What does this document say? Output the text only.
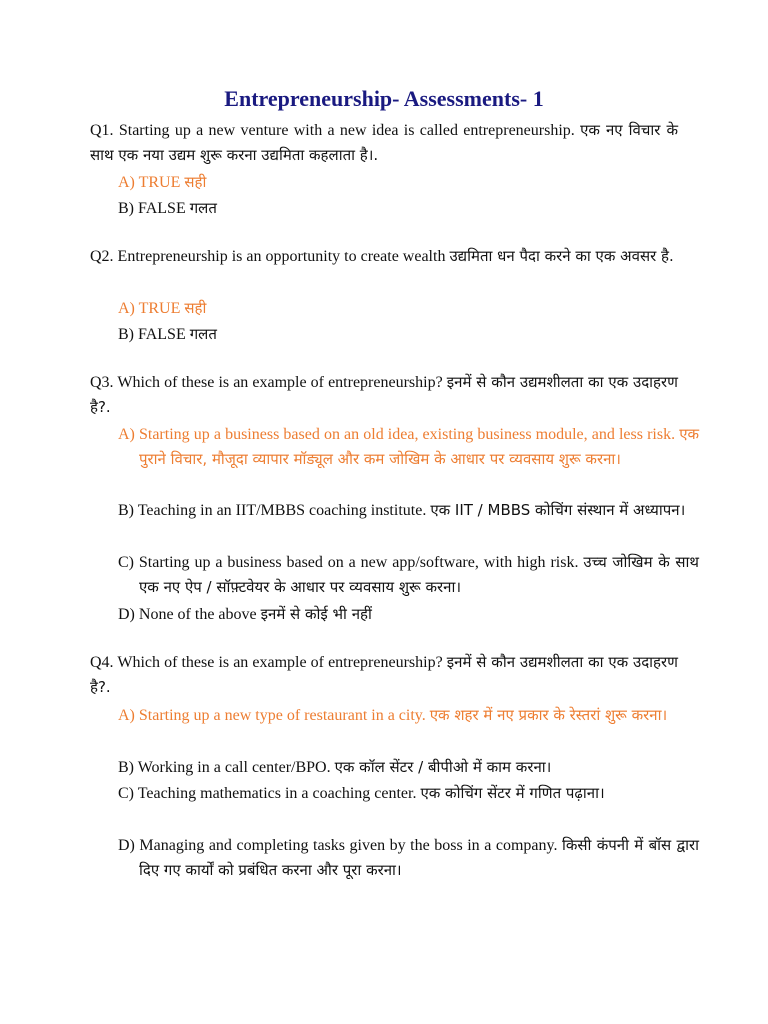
Entrepreneurship- Assessments- 1
Q1. Starting up a new venture with a new idea is called entrepreneurship. एक नए विचार के साथ एक नया उद्यम शुरू करना उद्यमिता कहलाता है।.
A) TRUE सही
B) FALSE गलत
Q2. Entrepreneurship is an opportunity to create wealth उद्यमिता धन पैदा करने का एक अवसर है.
A) TRUE सही
B) FALSE गलत
Q3. Which of these is an example of entrepreneurship? इनमें से कौन उद्यमशीलता का एक उदाहरण है?.
A) Starting up a business based on an old idea, existing business module, and less risk. एक पुराने विचार, मौजूदा व्यापार मॉड्यूल और कम जोखिम के आधार पर व्यवसाय शुरू करना।
B) Teaching in an IIT/MBBS coaching institute. एक IIT / MBBS कोचिंग संस्थान में अध्यापन।
C) Starting up a business based on a new app/software, with high risk. उच्च जोखिम के साथ एक नए ऐप / सॉफ़्टवेयर के आधार पर व्यवसाय शुरू करना।
D) None of the above इनमें से कोई भी नहीं
Q4. Which of these is an example of entrepreneurship? इनमें से कौन उद्यमशीलता का एक उदाहरण है?.
A) Starting up a new type of restaurant in a city. एक शहर में नए प्रकार के रेस्तरां शुरू करना।
B) Working in a call center/BPO. एक कॉल सेंटर / बीपीओ में काम करना।
C) Teaching mathematics in a coaching center. एक कोचिंग सेंटर में गणित पढ़ाना।
D) Managing and completing tasks given by the boss in a company. किसी कंपनी में बॉस द्वारा दिए गए कार्यों को प्रबंधित करना और पूरा करना।
